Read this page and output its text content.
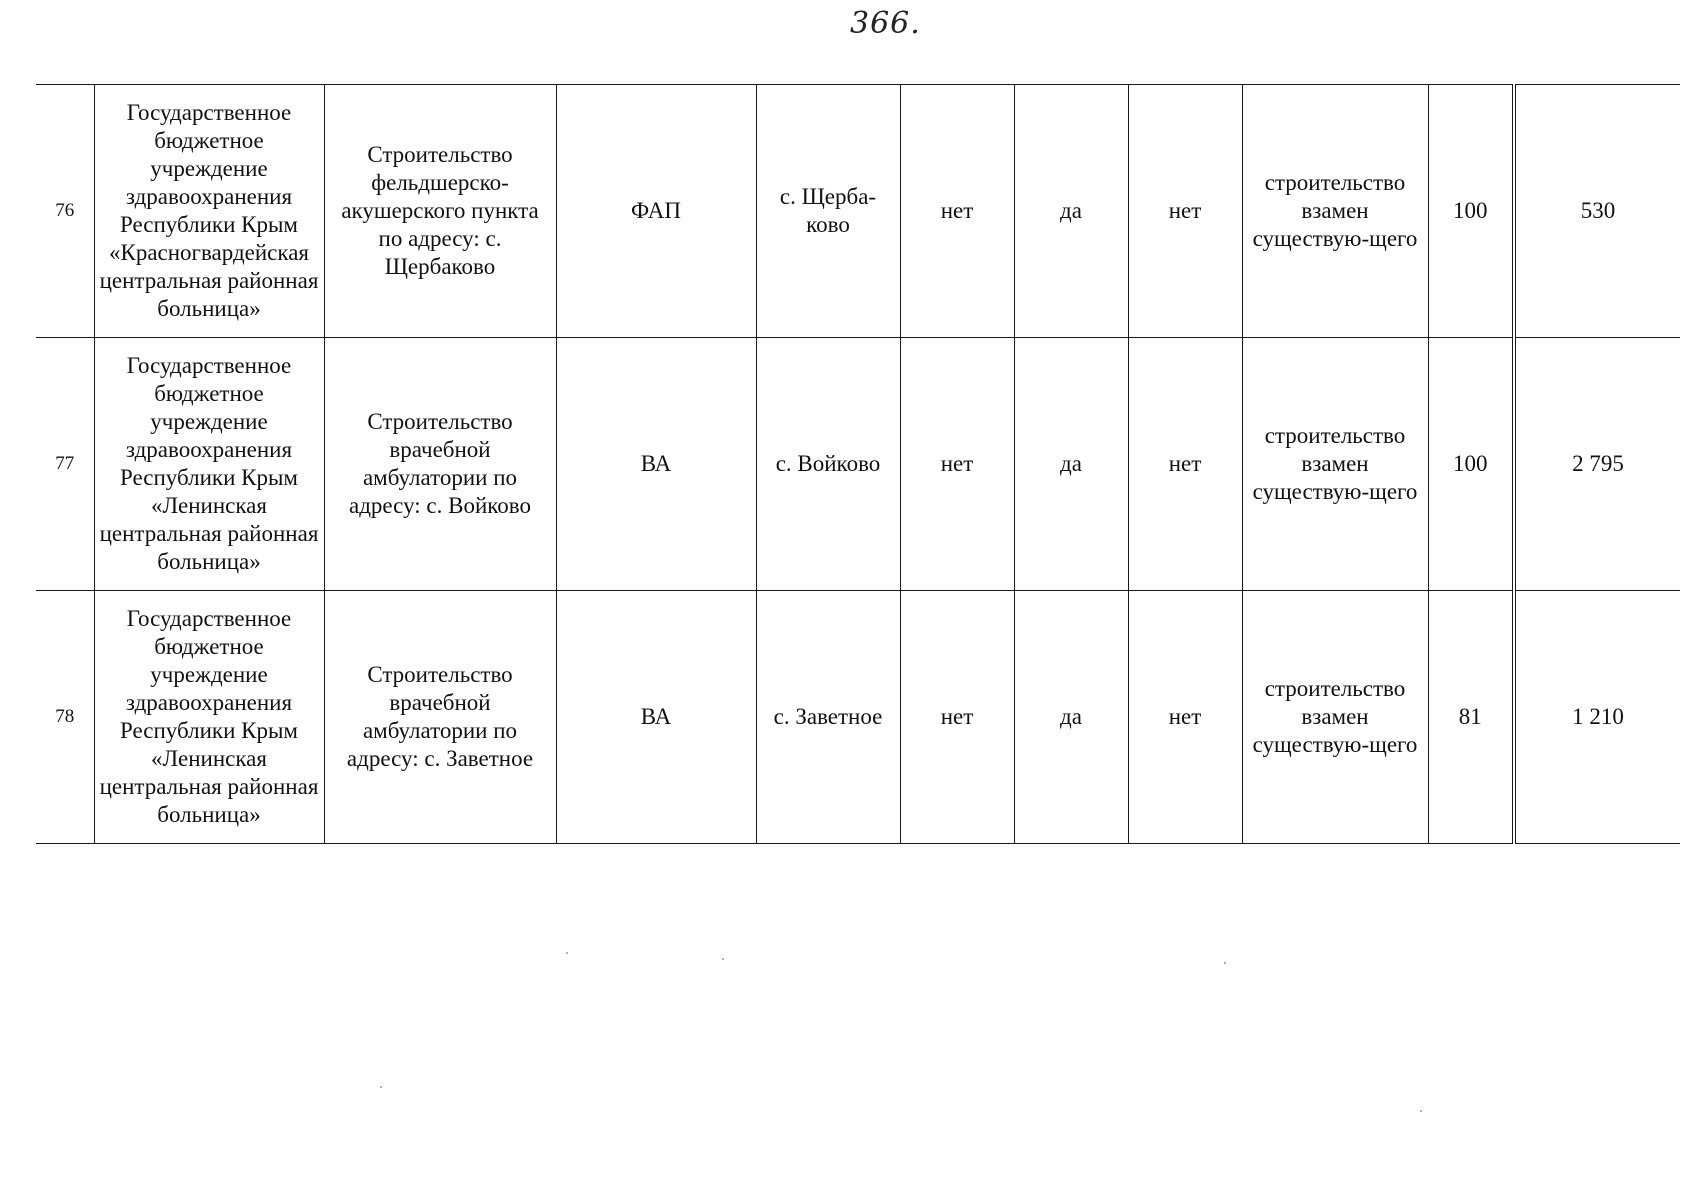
366.
76	Государственное бюджетное учреждение здравоохранения Республики Крым «Красногвардейская центральная районная больница»	Строительство фельдшерско-акушерского пункта по адресу: с. Щербаково	ФАП	с. Щерба-ково	нет	да	нет	строительство взамен существую-щего	100	530
77	Государственное бюджетное учреждение здравоохранения Республики Крым «Ленинская центральная районная больница»	Строительство врачебной амбулатории по адресу: с. Войково	ВА	с. Войково	нет	да	нет	строительство взамен существую-щего	100	2 795
78	Государственное бюджетное учреждение здравоохранения Республики Крым «Ленинская центральная районная больница»	Строительство врачебной амбулатории по адресу: с. Заветное	ВА	с. Заветное	нет	да	нет	строительство взамен существую-щего	81	1 210
